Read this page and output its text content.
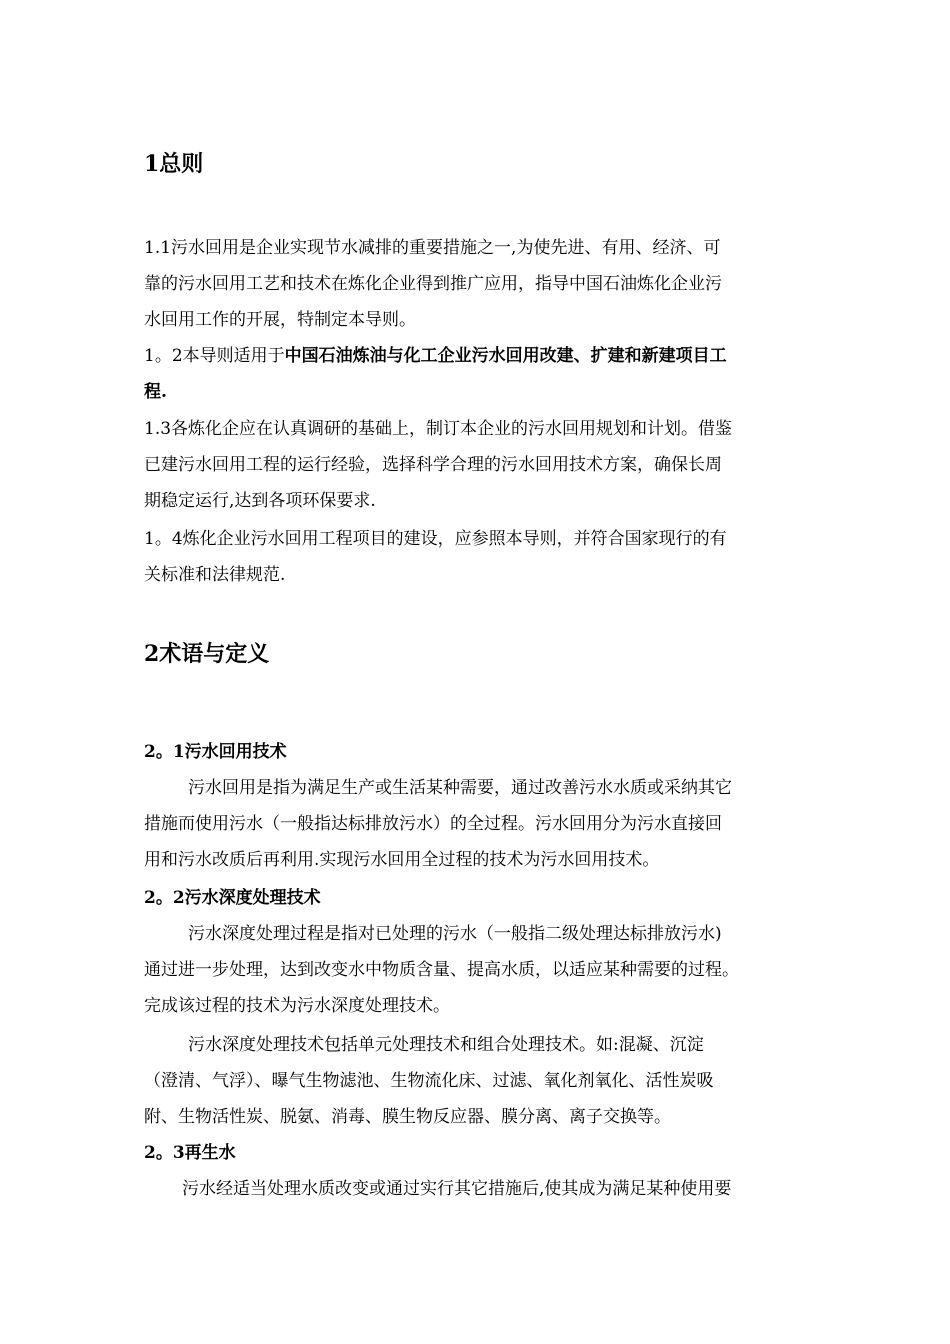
1总则
1.1污水回用是企业实现节水减排的重要措施之一,为使先进、有用、经济、可
靠的污水回用工艺和技术在炼化企业得到推广应用，指导中国石油炼化企业污
水回用工作的开展，特制定本导则。
1。2本导则适用于中国石油炼油与化工企业污水回用改建、扩建和新建项目工
程.
1.3各炼化企应在认真调研的基础上，制订本企业的污水回用规划和计划。借鉴
已建污水回用工程的运行经验，选择科学合理的污水回用技术方案，确保长周
期稳定运行,达到各项环保要求.
1。4炼化企业污水回用工程项目的建设，应参照本导则，并符合国家现行的有
关标准和法律规范.
2术语与定义
2。1污水回用技术
污水回用是指为满足生产或生活某种需要，通过改善污水水质或采纳其它
措施而使用污水（一般指达标排放污水）的全过程。污水回用分为污水直接回
用和污水改质后再利用.实现污水回用全过程的技术为污水回用技术。
2。2污水深度处理技术
污水深度处理过程是指对已处理的污水（一般指二级处理达标排放污水)
通过进一步处理，达到改变水中物质含量、提高水质，以适应某种需要的过程。
完成该过程的技术为污水深度处理技术。
污水深度处理技术包括单元处理技术和组合处理技术。如:混凝、沉淀
（澄清、气浮）、曝气生物滤池、生物流化床、过滤、氧化剂氧化、活性炭吸
附、生物活性炭、脱氨、消毒、膜生物反应器、膜分离、离子交换等。
2。3再生水
污水经适当处理水质改变或通过实行其它措施后,使其成为满足某种使用要
